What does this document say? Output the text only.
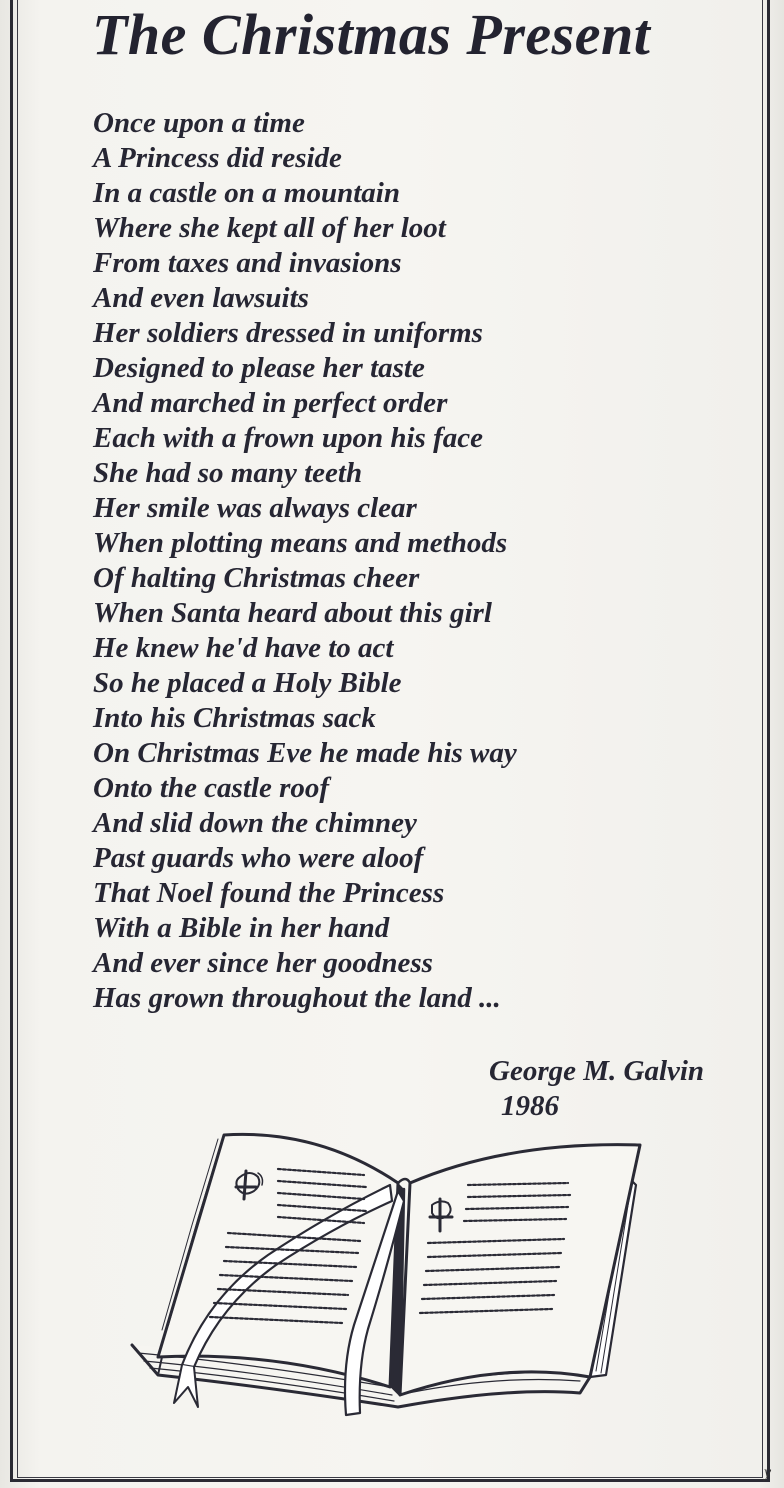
The Christmas Present
Once upon a time
A Princess did reside
In a castle on a mountain
Where she kept all of her loot
From taxes and invasions
And even lawsuits
Her soldiers dressed in uniforms
Designed to please her taste
And marched in perfect order
Each with a frown upon his face
She had so many teeth
Her smile was always clear
When plotting means and methods
Of halting Christmas cheer
When Santa heard about this girl
He knew he'd have to act
So he placed a Holy Bible
Into his Christmas sack
On Christmas Eve he made his way
Onto the castle roof
And slid down the chimney
Past guards who were aloof
That Noel found the Princess
With a Bible in her hand
And ever since her goodness
Has grown throughout the land ...
George M. Galvin
1986
y
